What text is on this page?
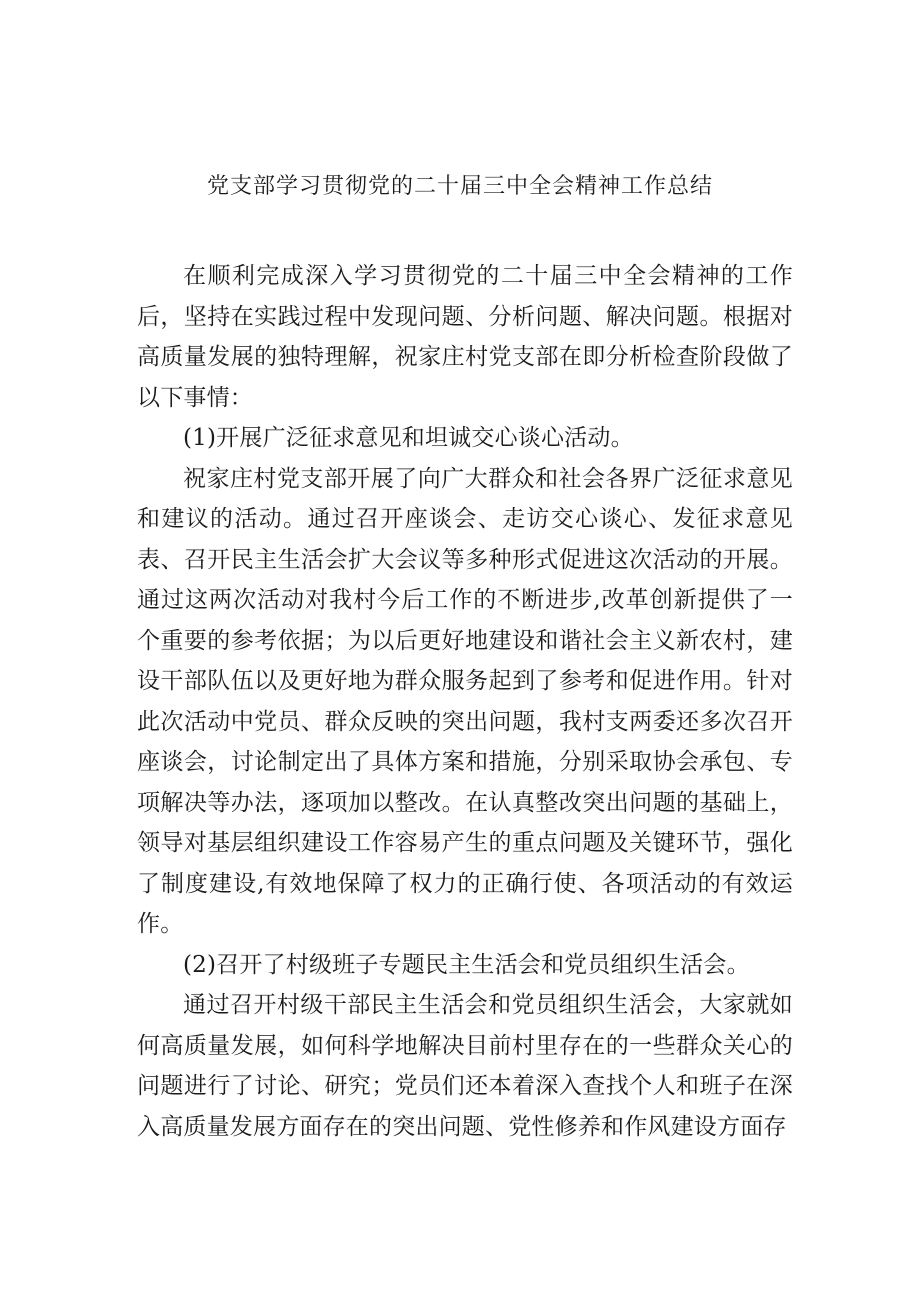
党支部学习贯彻党的二十届三中全会精神工作总结

在顺利完成深入学习贯彻党的二十届三中全会精神的工作后，坚持在实践过程中发现问题、分析问题、解决问题。根据对高质量发展的独特理解，祝家庄村党支部在即分析检查阶段做了以下事情：

(1)开展广泛征求意见和坦诚交心谈心活动。

祝家庄村党支部开展了向广大群众和社会各界广泛征求意见和建议的活动。通过召开座谈会、走访交心谈心、发征求意见表、召开民主生活会扩大会议等多种形式促进这次活动的开展。通过这两次活动对我村今后工作的不断进步,改革创新提供了一个重要的参考依据；为以后更好地建设和谐社会主义新农村，建设干部队伍以及更好地为群众服务起到了参考和促进作用。针对此次活动中党员、群众反映的突出问题，我村支两委还多次召开座谈会，讨论制定出了具体方案和措施，分别采取协会承包、专项解决等办法，逐项加以整改。在认真整改突出问题的基础上，领导对基层组织建设工作容易产生的重点问题及关键环节，强化了制度建设,有效地保障了权力的正确行使、各项活动的有效运作。

(2)召开了村级班子专题民主生活会和党员组织生活会。

通过召开村级干部民主生活会和党员组织生活会，大家就如何高质量发展，如何科学地解决目前村里存在的一些群众关心的问题进行了讨论、研究；党员们还本着深入查找个人和班子在深入高质量发展方面存在的突出问题、党性修养和作风建设方面存
